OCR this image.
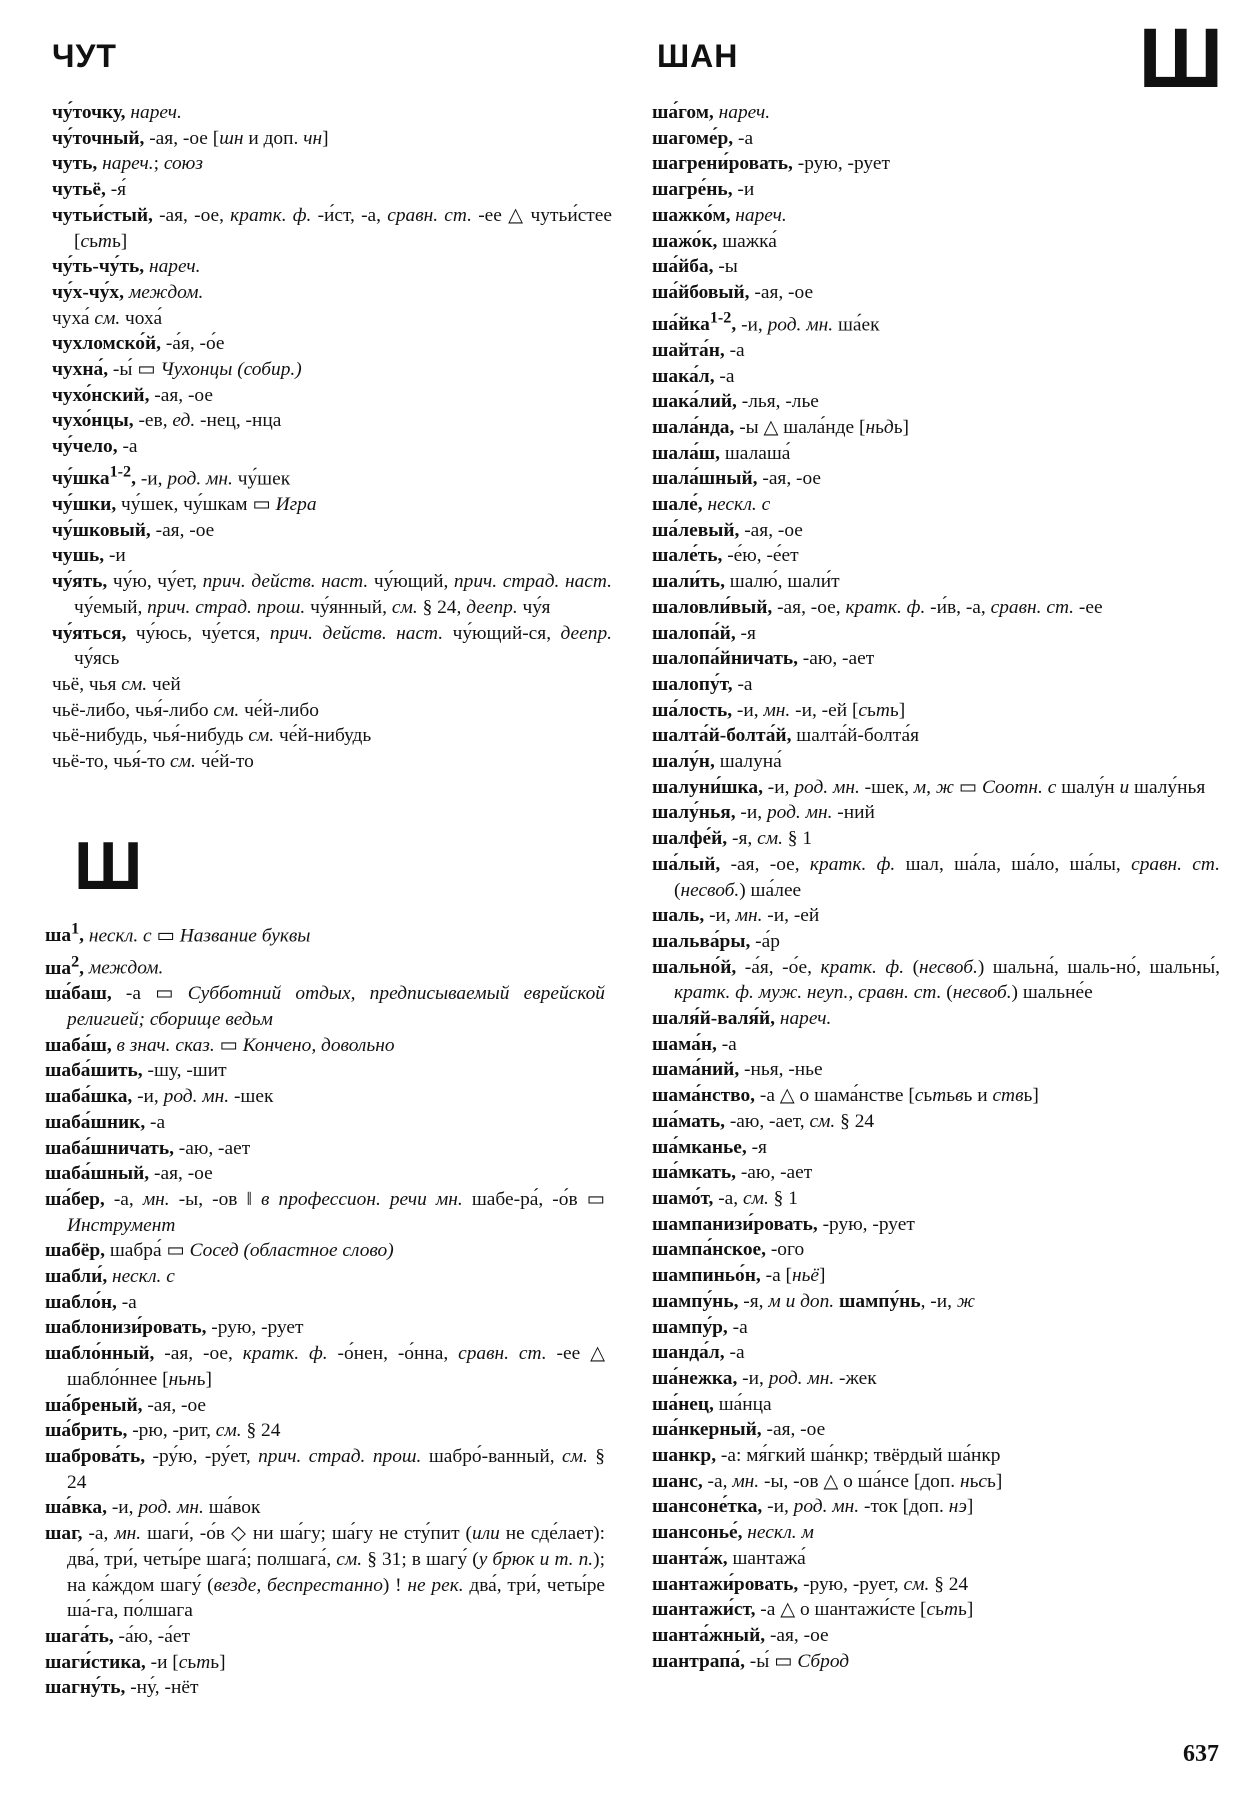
ЧУТ	ШАН	Ш

чу́точку, нареч.

чу́точный, -ая, -ое [шн и доп. чн]

чуть, нареч.; союз

чутьё, -я́

чутьи́стый, -ая, -ое, кратк. ф. -и́ст, -а, сравн. ст. -ее △ чутьи́стее [сьть]

чу́ть-чу́ть, нареч.

чу́х-чу́х, междом.

чуха́ см. чоха́

чухломско́й, -а́я, -о́е

чухна́, -ы́ ▭ Чухонцы (собир.)

чухо́нский, -ая, -ое

чухо́нцы, -ев, ед. -нец, -нца

чу́чело, -а

чу́шка$^{1-2}$, -и, род. мн. чу́шек

чу́шки, чу́шек, чу́шкам ▭ Игра

чу́шковый, -ая, -ое

чушь, -и

чу́ять, чу́ю, чу́ет, прич. действ. наст. чу́ющий, прич. страд. наст. чу́емый, прич. страд. прош. чу́янный, см. § 24, деепр. чу́я

чу́яться, чу́юсь, чу́ется, прич. действ. наст. чу́ющий-ся, деепр. чу́ясь

чьё, чья см. чей

чьё-либо, чья́-либо см. че́й-либо

чьё-нибудь, чья́-нибудь см. че́й-нибудь

чьё-то, чья́-то см. че́й-то

Ш

$ша^1$, нескл. с ▭ Название буквы

$ша^2$, междом.

ша́баш, -а ▭ Субботний отдых, предписываемый еврейской религией; сборище ведьм

шаба́ш, в знач. сказ. ▭ Кончено, довольно

шаба́шить, -шу, -шит

шаба́шка, -и, род. мн. -шек

шаба́шник, -а

шаба́шничать, -аю, -ает

шаба́шный, -ая, -ое

ша́бер, -а, мн. -ы, -ов ‖ в профессион. речи мн. шабе-ра́, -о́в ▭ Инструмент

шабёр, шабра́ ▭ Сосед (областное слово)

шабли́, нескл. с

шабло́н, -а

шаблонизи́ровать, -рую, -рует

шабло́нный, -ая, -ое, кратк. ф. -о́нен, -о́нна, сравн. ст. -ее △ шабло́ннее [ньнь]

ша́бреный, -ая, -ое

ша́брить, -рю, -рит, см. § 24

шаброва́ть, -ру́ю, -ру́ет, прич. страд. прош. шабро́-ванный, см. § 24

ша́вка, -и, род. мн. ша́вок

шаг, -а, мн. шаги́, -о́в ◇ ни ша́гу; ша́гу не сту́пит (или не сде́лает): два́, три́, четы́ре шага́; полшага́, см. § 31; в шагу́ (у брюк и т. п.); на ка́ждом шагу́ (везде, беспрестанно) ! не рек. два́, три́, четы́ре ша́-га, по́лшага

шага́ть, -а́ю, -а́ет

шаги́стика, -и [сьть]

шагну́ть, -ну́, -нёт

ша́гом, нареч.

шагоме́р, -а

шагрени́ровать, -рую, -рует

шагре́нь, -и

шажко́м, нареч.

шажо́к, шажка́

ша́йба, -ы

ша́йбовый, -ая, -ое

ша́йка$^{1-2}$, -и, род. мн. ша́ек

шайта́н, -а

шака́л, -а

шака́лий, -лья, -лье

шала́нда, -ы △ шала́нде [ньдь]

шала́ш, шалаша́

шала́шный, -ая, -ое

шале́, нескл. с

ша́левый, -ая, -ое

шале́ть, -е́ю, -е́ет

шали́ть, шалю́, шали́т

шаловли́вый, -ая, -ое, кратк. ф. -и́в, -а, сравн. ст. -ее

шалопа́й, -я

шалопа́йничать, -аю, -ает

шалопу́т, -а

ша́лость, -и, мн. -и, -ей [сьть]

шалта́й-болта́й, шалта́й-болта́я

шалу́н, шалуна́

шалуни́шка, -и, род. мн. -шек, м, ж ▭ Соотн. с шалу́н и шалу́нья

шалу́нья, -и, род. мн. -ний

шалфе́й, -я, см. § 1

ша́лый, -ая, -ое, кратк. ф. шал, ша́ла, ша́ло, ша́лы, сравн. ст. (несвоб.) ша́лее

шаль, -и, мн. -и, -ей

шальва́ры, -а́р

шально́й, -а́я, -о́е, кратк. ф. (несвоб.) шальна́, шаль-но́, шальны́, кратк. ф. муж. неуп., сравн. ст. (несвоб.) шальне́е

шаля́й-валя́й, нареч.

шама́н, -а

шама́ний, -нья, -нье

шама́нство, -а △ о шама́нстве [сьтьвь и ствь]

ша́мать, -аю, -ает, см. § 24

ша́мканье, -я

ша́мкать, -аю, -ает

шамо́т, -а, см. § 1

шампанизи́ровать, -рую, -рует

шампа́нское, -ого

шампиньо́н, -а [ньё]

шампу́нь, -я, м и доп. шампу́нь, -и, ж

шампу́р, -а

шанда́л, -а

ша́нежка, -и, род. мн. -жек

ша́нец, ша́нца

ша́нкерный, -ая, -ое

шанкр, -а: мя́гкий ша́нкр; твёрдый ша́нкр

шанс, -а, мн. -ы, -ов △ о ша́нсе [доп. ньсь]

шансоне́тка, -и, род. мн. -ток [доп. нэ]

шансонье́, нескл. м

шанта́ж, шантажа́

шантажи́ровать, -рую, -рует, см. § 24

шантажи́ст, -а △ о шантажи́сте [сьть]

шанта́жный, -ая, -ое

шантрапа́, -ы́ ▭ Сброд

637
